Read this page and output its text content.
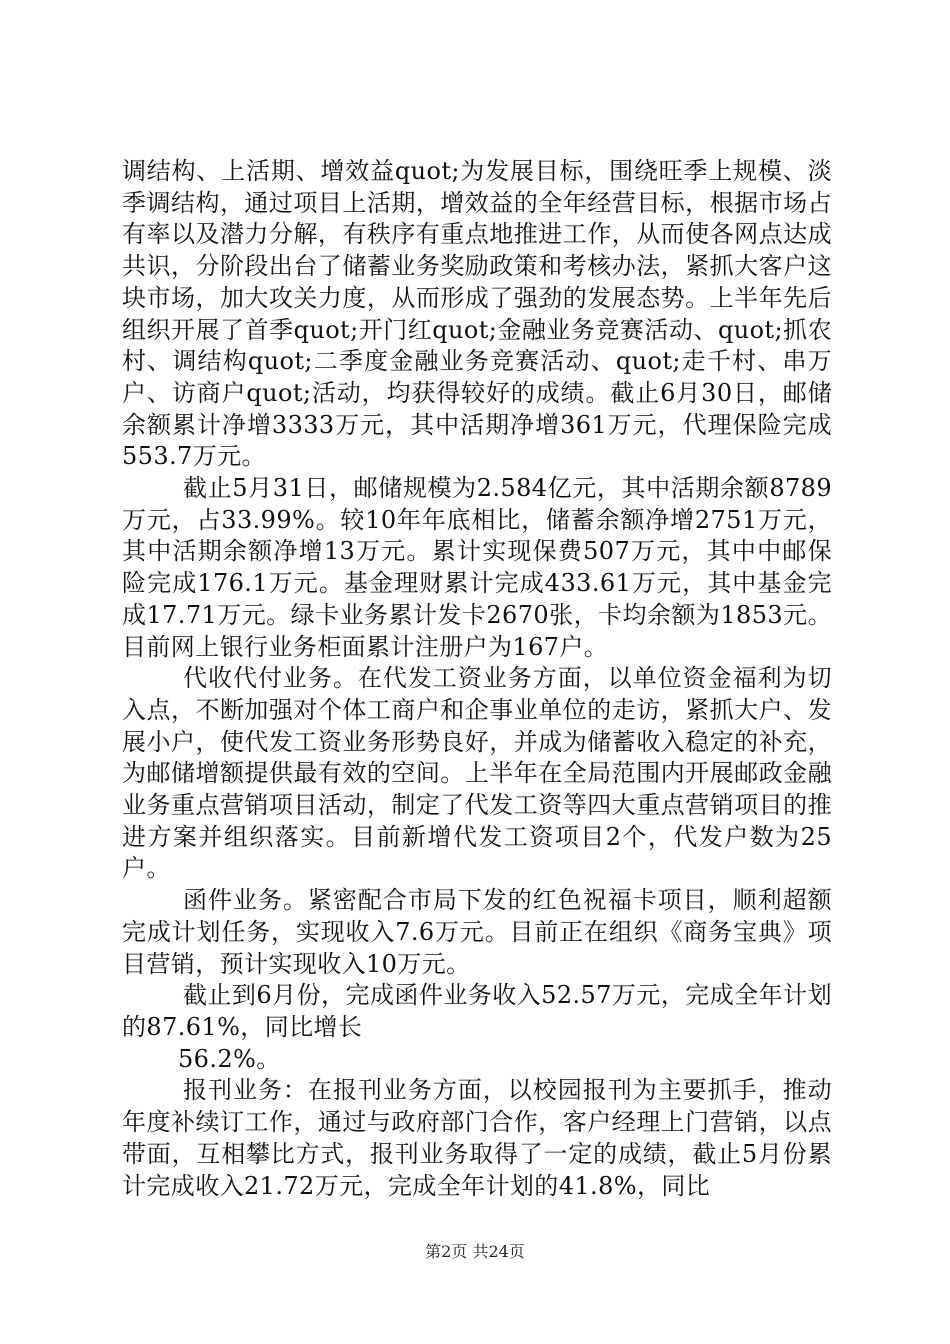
调结构、上活期、增效益quot;为发展目标，围绕旺季上规模、淡季调结构，通过项目上活期，增效益的全年经营目标，根据市场占有率以及潜力分解，有秩序有重点地推进工作，从而使各网点达成共识，分阶段出台了储蓄业务奖励政策和考核办法，紧抓大客户这块市场，加大攻关力度，从而形成了强劲的发展态势。上半年先后组织开展了首季quot;开门红quot;金融业务竞赛活动、quot;抓农村、调结构quot;二季度金融业务竞赛活动、quot;走千村、串万户、访商户quot;活动，均获得较好的成绩。截止6月30日，邮储余额累计净增3333万元，其中活期净增361万元，代理保险完成553.7万元。

截止5月31日，邮储规模为2.584亿元，其中活期余额8789万元，占33.99%。较10年年底相比，储蓄余额净增2751万元，其中活期余额净增13万元。累计实现保费507万元，其中中邮保险完成176.1万元。基金理财累计完成433.61万元，其中基金完成17.71万元。绿卡业务累计发卡2670张，卡均余额为1853元。目前网上银行业务柜面累计注册户为167户。

代收代付业务。在代发工资业务方面，以单位资金福利为切入点，不断加强对个体工商户和企事业单位的走访，紧抓大户、发展小户，使代发工资业务形势良好，并成为储蓄收入稳定的补充，为邮储增额提供最有效的空间。上半年在全局范围内开展邮政金融业务重点营销项目活动，制定了代发工资等四大重点营销项目的推进方案并组织落实。目前新增代发工资项目2个，代发户数为25户。

函件业务。紧密配合市局下发的红色祝福卡项目，顺利超额完成计划任务，实现收入7.6万元。目前正在组织《商务宝典》项目营销，预计实现收入10万元。

截止到6月份，完成函件业务收入52.57万元，完成全年计划的87.61%，同比增长

56.2%。

报刊业务：在报刊业务方面，以校园报刊为主要抓手，推动年度补续订工作，通过与政府部门合作，客户经理上门营销，以点带面，互相攀比方式，报刊业务取得了一定的成绩，截止5月份累计完成收入21.72万元，完成全年计划的41.8%，同比

第2页 共24页
